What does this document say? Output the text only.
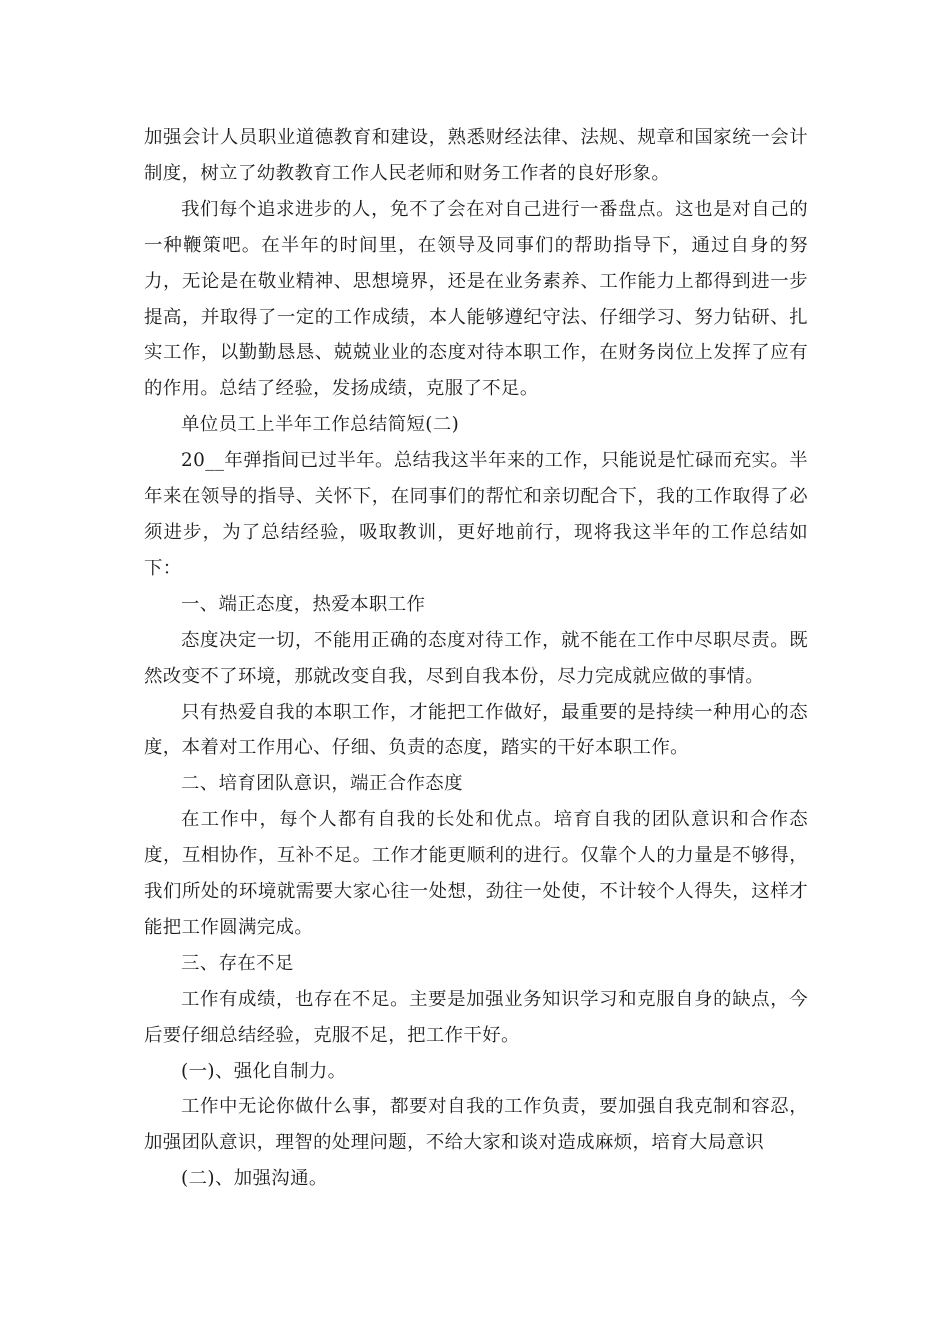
加强会计人员职业道德教育和建设，熟悉财经法律、法规、规章和国家统一会计制度，树立了幼教教育工作人民老师和财务工作者的良好形象。

我们每个追求进步的人，免不了会在对自己进行一番盘点。这也是对自己的一种鞭策吧。在半年的时间里，在领导及同事们的帮助指导下，通过自身的努力，无论是在敬业精神、思想境界，还是在业务素养、工作能力上都得到进一步提高，并取得了一定的工作成绩，本人能够遵纪守法、仔细学习、努力钻研、扎实工作，以勤勤恳恳、兢兢业业的态度对待本职工作，在财务岗位上发挥了应有的作用。总结了经验，发扬成绩，克服了不足。

单位员工上半年工作总结简短(二)

20__年弹指间已过半年。总结我这半年来的工作，只能说是忙碌而充实。半年来在领导的指导、关怀下，在同事们的帮忙和亲切配合下，我的工作取得了必须进步，为了总结经验，吸取教训，更好地前行，现将我这半年的工作总结如下：

一、端正态度，热爱本职工作

态度决定一切，不能用正确的态度对待工作，就不能在工作中尽职尽责。既然改变不了环境，那就改变自我，尽到自我本份，尽力完成就应做的事情。

只有热爱自我的本职工作，才能把工作做好，最重要的是持续一种用心的态度，本着对工作用心、仔细、负责的态度，踏实的干好本职工作。

二、培育团队意识，端正合作态度

在工作中，每个人都有自我的长处和优点。培育自我的团队意识和合作态度，互相协作，互补不足。工作才能更顺利的进行。仅靠个人的力量是不够得，我们所处的环境就需要大家心往一处想，劲往一处使，不计较个人得失，这样才能把工作圆满完成。

三、存在不足

工作有成绩，也存在不足。主要是加强业务知识学习和克服自身的缺点，今后要仔细总结经验，克服不足，把工作干好。

(一)、强化自制力。

工作中无论你做什么事，都要对自我的工作负责，要加强自我克制和容忍，加强团队意识，理智的处理问题，不给大家和谈对造成麻烦，培育大局意识

(二)、加强沟通。
